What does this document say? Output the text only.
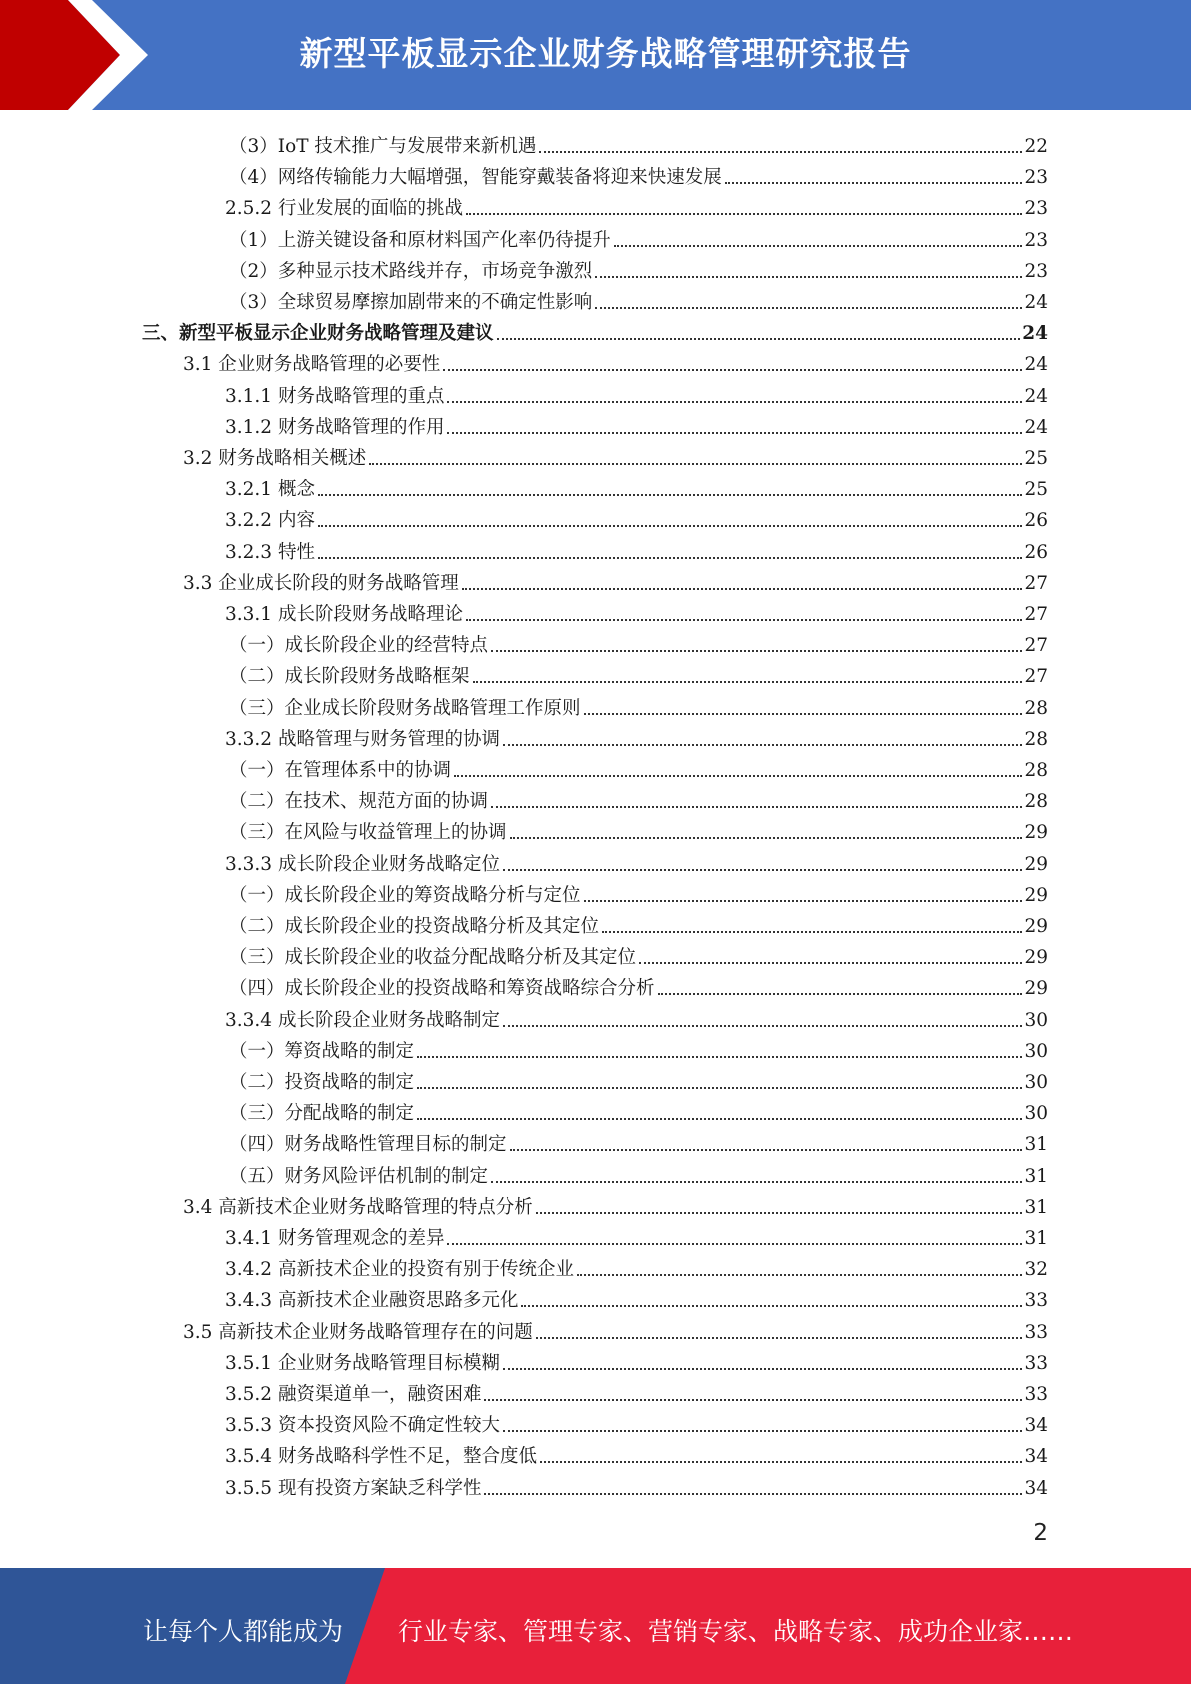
新型平板显示企业财务战略管理研究报告
（3）IoT 技术推广与发展带来新机遇	22
（4）网络传输能力大幅增强，智能穿戴装备将迎来快速发展	23
2.5.2 行业发展的面临的挑战	23
（1）上游关键设备和原材料国产化率仍待提升	23
（2）多种显示技术路线并存，市场竞争激烈	23
（3）全球贸易摩擦加剧带来的不确定性影响	24
三、新型平板显示企业财务战略管理及建议	24
3.1 企业财务战略管理的必要性	24
3.1.1 财务战略管理的重点	24
3.1.2 财务战略管理的作用	24
3.2 财务战略相关概述	25
3.2.1 概念	25
3.2.2 内容	26
3.2.3 特性	26
3.3 企业成长阶段的财务战略管理	27
3.3.1 成长阶段财务战略理论	27
（一）成长阶段企业的经营特点	27
（二）成长阶段财务战略框架	27
（三）企业成长阶段财务战略管理工作原则	28
3.3.2 战略管理与财务管理的协调	28
（一）在管理体系中的协调	28
（二）在技术、规范方面的协调	28
（三）在风险与收益管理上的协调	29
3.3.3 成长阶段企业财务战略定位	29
（一）成长阶段企业的筹资战略分析与定位	29
（二）成长阶段企业的投资战略分析及其定位	29
（三）成长阶段企业的收益分配战略分析及其定位	29
（四）成长阶段企业的投资战略和筹资战略综合分析	29
3.3.4 成长阶段企业财务战略制定	30
（一）筹资战略的制定	30
（二）投资战略的制定	30
（三）分配战略的制定	30
（四）财务战略性管理目标的制定	31
（五）财务风险评估机制的制定	31
3.4 高新技术企业财务战略管理的特点分析	31
3.4.1 财务管理观念的差异	31
3.4.2 高新技术企业的投资有别于传统企业	32
3.4.3 高新技术企业融资思路多元化	33
3.5 高新技术企业财务战略管理存在的问题	33
3.5.1 企业财务战略管理目标模糊	33
3.5.2 融资渠道单一，融资困难	33
3.5.3 资本投资风险不确定性较大	34
3.5.4 财务战略科学性不足，整合度低	34
3.5.5 现有投资方案缺乏科学性	34
2
让每个人都能成为 行业专家、管理专家、营销专家、战略专家、成功企业家……
